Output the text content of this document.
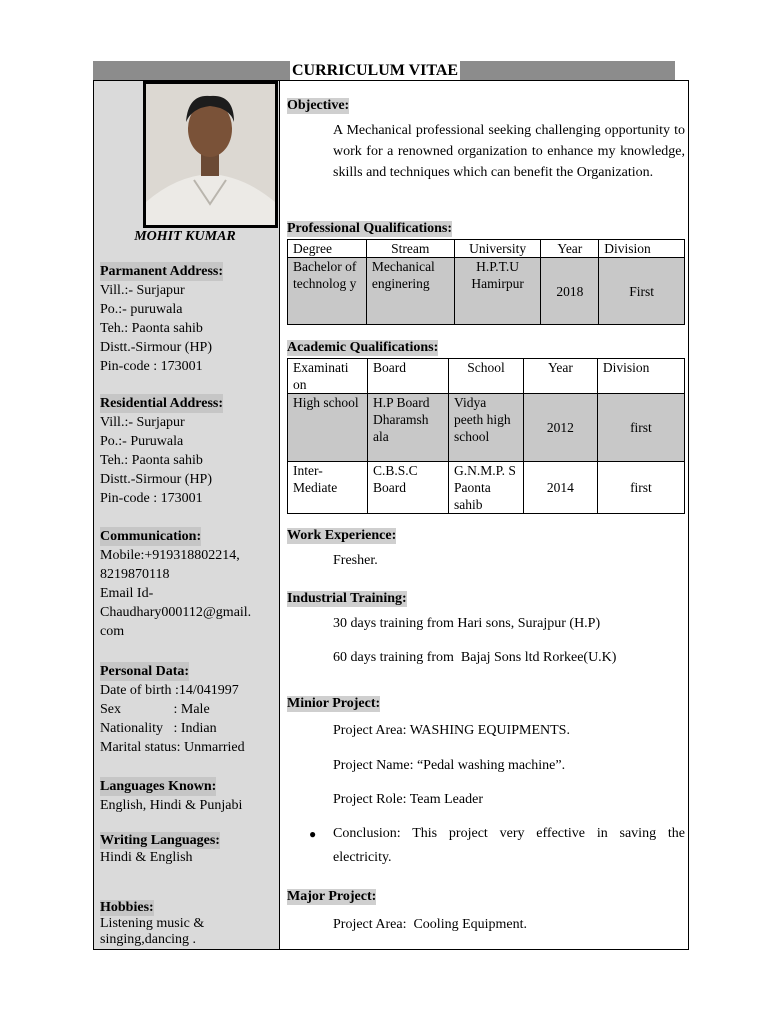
CURRICULUM VITAE
MOHIT KUMAR
Parmanent Address:
Vill.:- Surjapur
Po.:- puruwala
Teh.: Paonta sahib
Distt.-Sirmour (HP)
Pin-code : 173001
Residential Address:
Vill.:- Surjapur
Po.:- Puruwala
Teh.: Paonta sahib
Distt.-Sirmour (HP)
Pin-code : 173001
Communication:
Mobile:+919318802214,
8219870118
Email Id-
Chaudhary000112@gmail.
com
Personal Data:
Date of birth :14/041997
Sex               : Male
Nationality   : Indian
Marital status: Unmarried
Languages Known:
English, Hindi & Punjabi
Writing Languages:
Hindi & English
Hobbies:
Listening music &
singing,dancing .
Objective:
A Mechanical professional seeking challenging opportunity to work for a renowned organization to enhance my knowledge, skills and techniques which can benefit the Organization.
Professional Qualifications:
Degree	Stream	University	Year	Division
Bachelor of technolog y	Mechanical enginering	H.P.T.U Hamirpur	2018	First
Academic Qualifications:
Examinati on	Board	School	Year	Division
High school	H.P Board Dharamsh ala	Vidya peeth high school	2012	first
Inter-Mediate	C.B.S.C Board	G.N.M.P. S Paonta sahib	2014	first
Work Experience:
Fresher.
Industrial Training:
30 days training from Hari sons, Surajpur (H.P)
60 days training from  Bajaj Sons ltd Rorkee(U.K)
Minior Project:
Project Area: WASHING EQUIPMENTS.
Project Name: “Pedal washing machine”.
Project Role: Team Leader
●	Conclusion: This project very effective in saving the electricity.
Major Project:
Project Area:  Cooling Equipment.
